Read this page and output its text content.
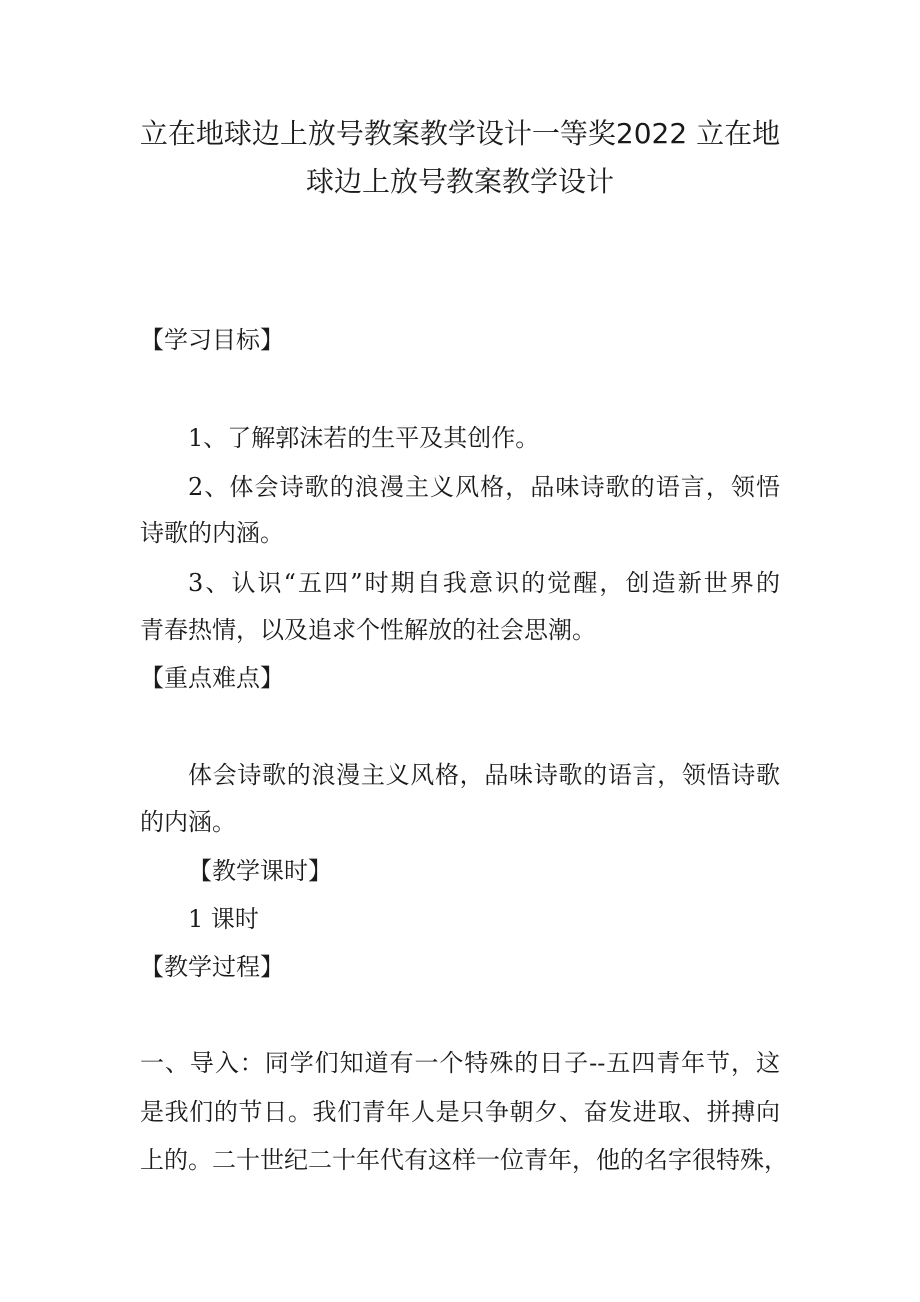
立在地球边上放号教案教学设计一等奖2022 立在地
球边上放号教案教学设计

【学习目标】

1、了解郭沫若的生平及其创作。

2、体会诗歌的浪漫主义风格，品味诗歌的语言，领悟

诗歌的内涵。

3、认识“五四”时期自我意识的觉醒，创造新世界的

青春热情，以及追求个性解放的社会思潮。

【重点难点】

体会诗歌的浪漫主义风格，品味诗歌的语言，领悟诗歌

的内涵。

【教学课时】

1 课时

【教学过程】

一、导入：同学们知道有一个特殊的日子--五四青年节，这

是我们的节日。我们青年人是只争朝夕、奋发进取、拼搏向

上的。二十世纪二十年代有这样一位青年，他的名字很特殊，
